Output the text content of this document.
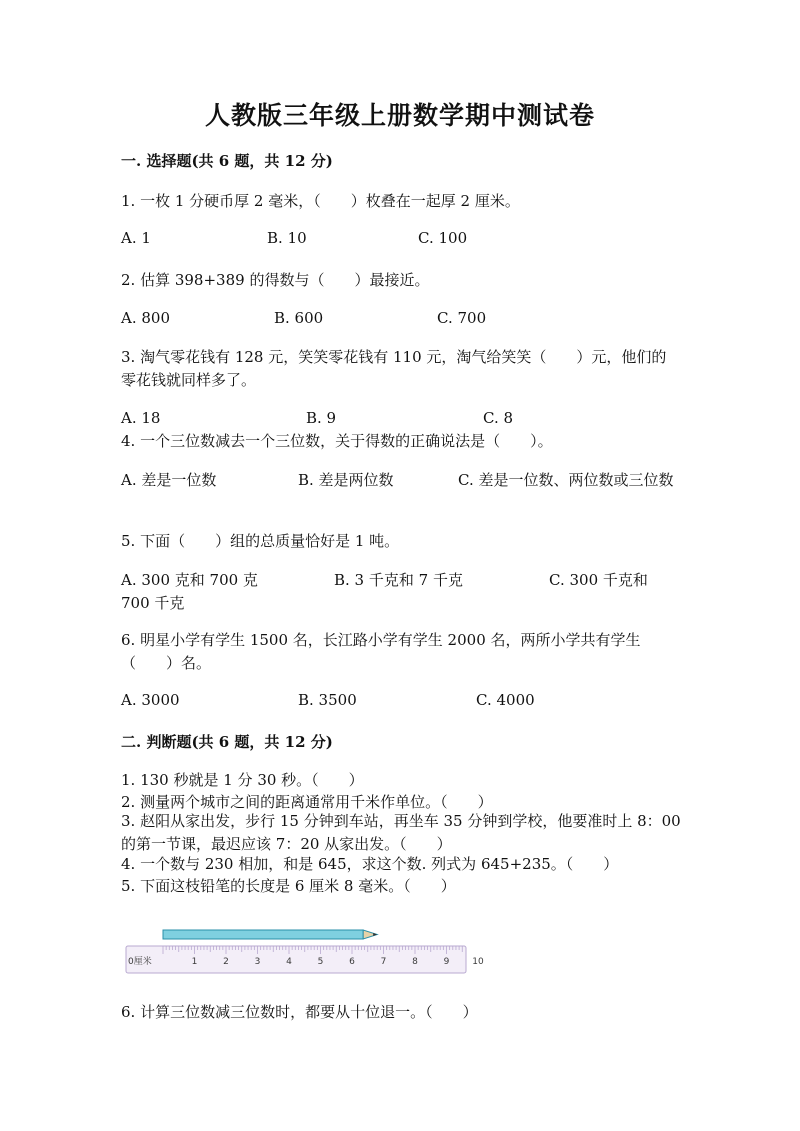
人教版三年级上册数学期中测试卷
一. 选择题(共 6 题，共 12 分)
1. 一枚 1 分硬币厚 2 毫米，（　　）枚叠在一起厚 2 厘米。
A. 1	B. 10	C. 100
2. 估算 398+389 的得数与（　　）最接近。
A. 800	B. 600	C. 700
3. 淘气零花钱有 128 元，笑笑零花钱有 110 元，淘气给笑笑（　　）元，他们的零花钱就同样多了。
A. 18	B. 9	C. 8
4. 一个三位数减去一个三位数，关于得数的正确说法是（　　）。
A. 差是一位数	B. 差是两位数	C. 差是一位数、两位数或三位数
5. 下面（　　）组的总质量恰好是 1 吨。
A. 300 克和 700 克	B. 3 千克和 7 千克	C. 300 千克和 700 千克
6. 明星小学有学生 1500 名，长江路小学有学生 2000 名，两所小学共有学生（　　）名。
A. 3000	B. 3500	C. 4000
二. 判断题(共 6 题，共 12 分)
1. 130 秒就是 1 分 30 秒。（　　）
2. 测量两个城市之间的距离通常用千米作单位。（　　）
3. 赵阳从家出发，步行 15 分钟到车站，再坐车 35 分钟到学校，他要准时上 8：00 的第一节课，最迟应该 7：20 从家出发。（　　）
4. 一个数与 230 相加，和是 645，求这个数. 列式为 645+235。（　　）
5. 下面这枝铅笔的长度是 6 厘米 8 毫米。（　　）
0厘米	1	2	3	4	5	6	7	8	9	10
6. 计算三位数减三位数时，都要从十位退一。（　　）
